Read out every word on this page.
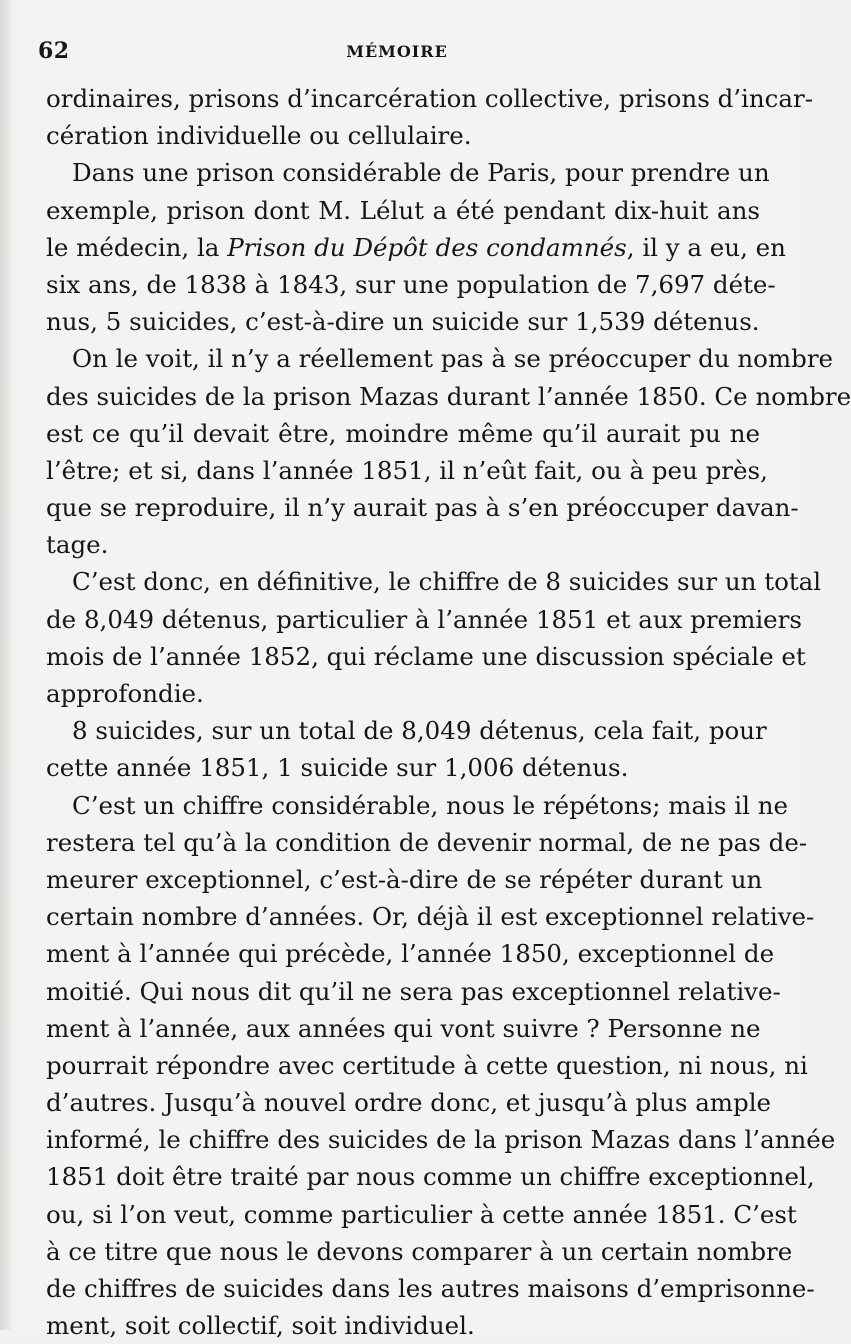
62	MÉMOIRE
ordinaires, prisons d’incarcération collective, prisons d’incar-
cération individuelle ou cellulaire.
Dans une prison considérable de Paris, pour prendre un
exemple, prison dont M. Lélut a été pendant dix-huit ans
le médecin, la Prison du Dépôt des condamnés, il y a eu, en
six ans, de 1838 à 1843, sur une population de 7,697 déte-
nus, 5 suicides, c’est-à-dire un suicide sur 1,539 détenus.
On le voit, il n’y a réellement pas à se préoccuper du nombre
des suicides de la prison Mazas durant l’année 1850. Ce nombre
est ce qu’il devait être, moindre même qu’il aurait pu ne
l’être; et si, dans l’année 1851, il n’eût fait, ou à peu près,
que se reproduire, il n’y aurait pas à s’en préoccuper davan-
tage.
C’est donc, en définitive, le chiffre de 8 suicides sur un total
de 8,049 détenus, particulier à l’année 1851 et aux premiers
mois de l’année 1852, qui réclame une discussion spéciale et
approfondie.
8 suicides, sur un total de 8,049 détenus, cela fait, pour
cette année 1851, 1 suicide sur 1,006 détenus.
C’est un chiffre considérable, nous le répétons; mais il ne
restera tel qu’à la condition de devenir normal, de ne pas de-
meurer exceptionnel, c’est-à-dire de se répéter durant un
certain nombre d’années. Or, déjà il est exceptionnel relative-
ment à l’année qui précède, l’année 1850, exceptionnel de
moitié. Qui nous dit qu’il ne sera pas exceptionnel relative-
ment à l’année, aux années qui vont suivre ? Personne ne
pourrait répondre avec certitude à cette question, ni nous, ni
d’autres. Jusqu’à nouvel ordre donc, et jusqu’à plus ample
informé, le chiffre des suicides de la prison Mazas dans l’année
1851 doit être traité par nous comme un chiffre exceptionnel,
ou, si l’on veut, comme particulier à cette année 1851. C’est
à ce titre que nous le devons comparer à un certain nombre
de chiffres de suicides dans les autres maisons d’emprisonne-
ment, soit collectif, soit individuel.
